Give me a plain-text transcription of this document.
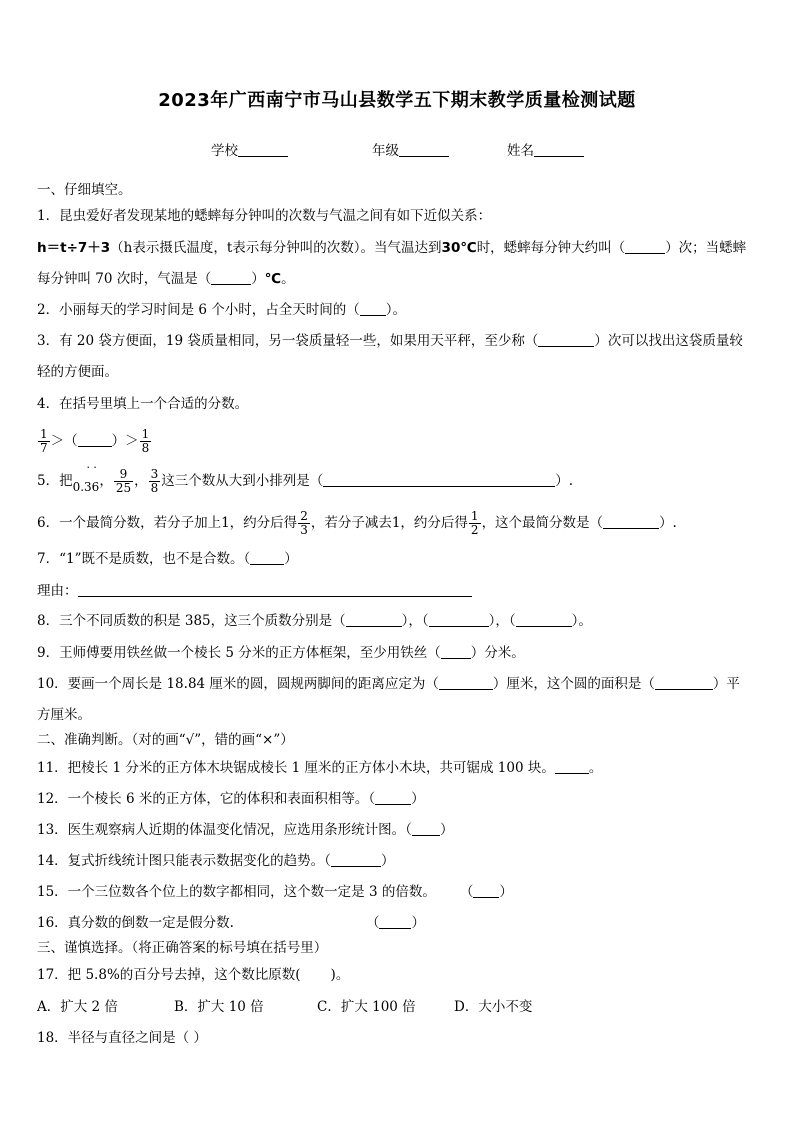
2023年广西南宁市马山县数学五下期末教学质量检测试题
学校	年级	姓名
一、仔细填空。
1．昆虫爱好者发现某地的蟋蟀每分钟叫的次数与气温之间有如下近似关系：
h＝t÷7＋3（h表示摄氏温度，t表示每分钟叫的次数）。当气温达到30℃时，蟋蟀每分钟大约叫（	）次；当蟋蟀
每分钟叫 70 次时，气温是（	）℃。
2．小丽每天的学习时间是 6 个小时，占全天时间的（ ）。
3．有 20 袋方便面，19 袋质量相同，另一袋质量轻一些，如果用天平秤，至少称（	）次可以找出这袋质量较
轻的方便面。
4．在括号里填上一个合适的分数。
$\frac{1}{7}$ ＞（	）＞ $\frac{1}{8}$
5．把0.
· ·
36， $\frac{9}{25}$ ， $\frac{3}{8}$ 这三个数从大到小排列是（	）.
6．一个最简分数，若分子加上1，约分后得 $\frac{2}{3}$ ，若分子减去1，约分后得 $\frac{1}{2}$ ，这个最简分数是（	）.
7．“1”既不是质数，也不是合数。（	）
理由：
8．三个不同质数的积是 385，这三个质数分别是（	），（	），（	）。
9．王师傅要用铁丝做一个棱长 5 分米的正方体框架，至少用铁丝（ ）分米。
10．要画一个周长是 18.84 厘米的圆，圆规两脚间的距离应定为（	）厘米，这个圆的面积是（	）平
方厘米。
二、准确判断。（对的画“√”，错的画“×”）
11．把棱长 1 分米的正方体木块锯成棱长 1 厘米的正方体小木块，共可锯成 100 块。	。
12．一个棱长 6 米的正方体，它的体积和表面积相等。（	）
13．医生观察病人近期的体温变化情况，应选用条形统计图。（ ）
14．复式折线统计图只能表示数据变化的趋势。（	）
15．一个三位数各个位上的数字都相同，这个数一定是 3 的倍数。 （ ）
16．真分数的倒数一定是假分数.	（ ）
三、谨慎选择。（将正确答案的标号填在括号里）
17．把 5.8%的百分号去掉，这个数比原数( )。
A．扩大 2 倍	B．扩大 10 倍	C．扩大 100 倍	D．大小不变
18．半径与直径之间是（ ）
